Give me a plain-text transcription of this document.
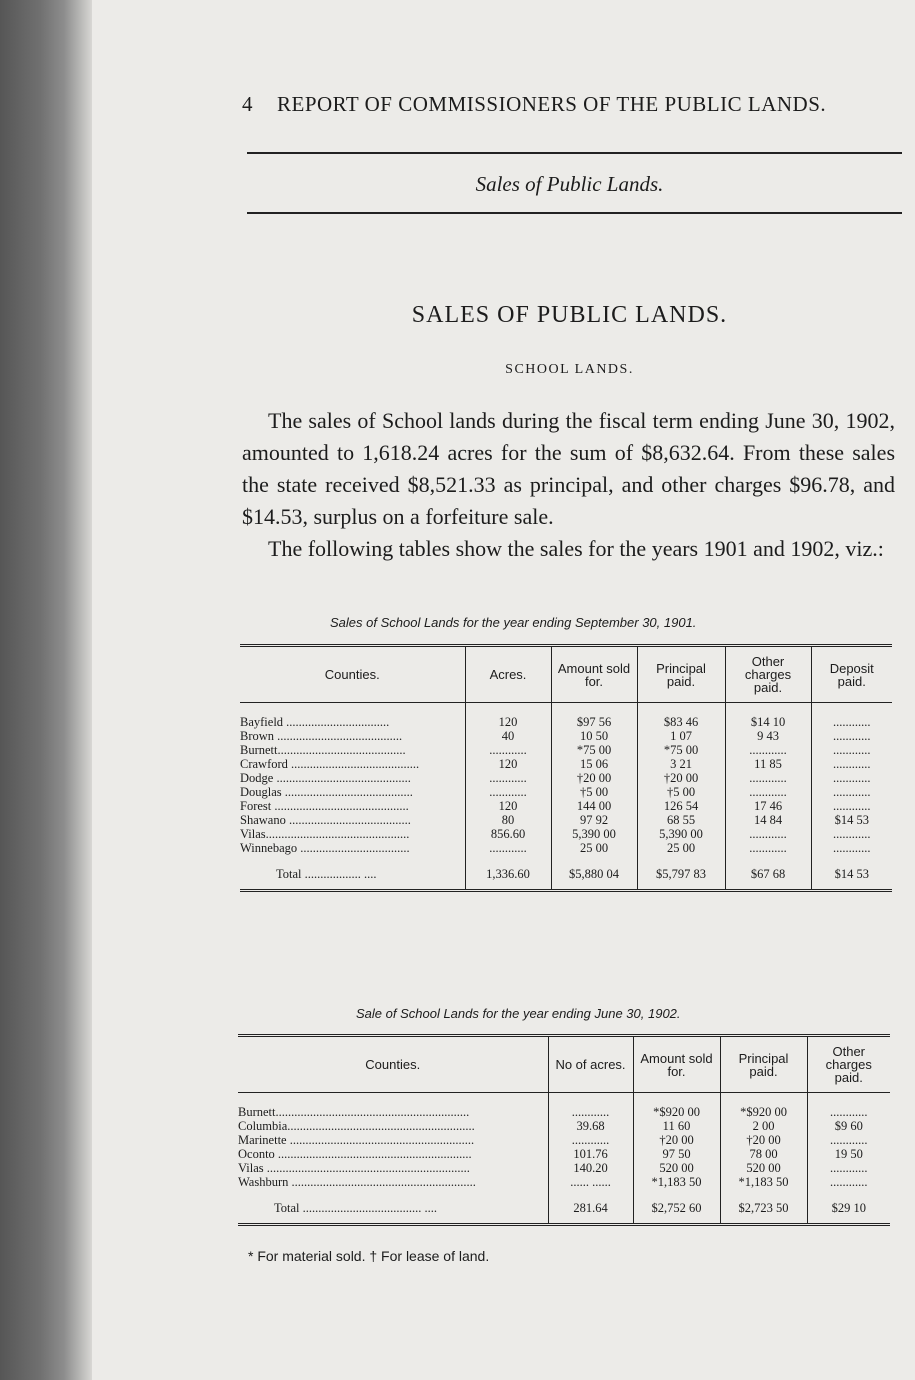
4 REPORT OF COMMISSIONERS OF THE PUBLIC LANDS.
Sales of Public Lands.
SALES OF PUBLIC LANDS.
SCHOOL LANDS.

The sales of School lands during the fiscal term ending June 30, 1902, amounted to 1,618.24 acres for the sum of $8,632.64. From these sales the state received $8,521.33 as principal, and other charges $96.78, and $14.53, surplus on a forfeiture sale.

The following tables show the sales for the years 1901 and 1902, viz.:

Sales of School Lands for the year ending September 30, 1901.
Counties.	Acres.	Amount sold for.	Principal paid.	Other charges paid.	Deposit paid.
Bayfield .................................	120	$97 56	$83 46	$14 10	............
Brown ........................................	40	10 50	1 07	9 43	............
Burnett.........................................	............	*75 00	*75 00	............	............
Crawford .........................................	120	15 06	3 21	11 85	............
Dodge ...........................................	............	†20 00	†20 00	............	............
Douglas .........................................	............	†5 00	†5 00	............	............
Forest ...........................................	120	144 00	126 54	17 46	............
Shawano .......................................	80	97 92	68 55	14 84	$14 53
Vilas..............................................	856.60	5,390 00	5,390 00	............	............
Winnebago ...................................	............	25 00	25 00	............	............
Total .................. ....	1,336.60	$5,880 04	$5,797 83	$67 68	$14 53
Sale of School Lands for the year ending June 30, 1902.
Counties.	No of acres.	Amount sold for.	Principal paid.	Other charges paid.
Burnett..............................................................	............	*$920 00	*$920 00	............
Columbia............................................................	39.68	11 60	2 00	$9 60
Marinette ...........................................................	............	†20 00	†20 00	............
Oconto ..............................................................	101.76	97 50	78 00	19 50
Vilas .................................................................	140.20	520 00	520 00	............
Washburn ...........................................................	...... ......	*1,183 50	*1,183 50	............
Total ...................................... ....	281.64	$2,752 60	$2,723 50	$29 10
* For material sold. † For lease of land.
